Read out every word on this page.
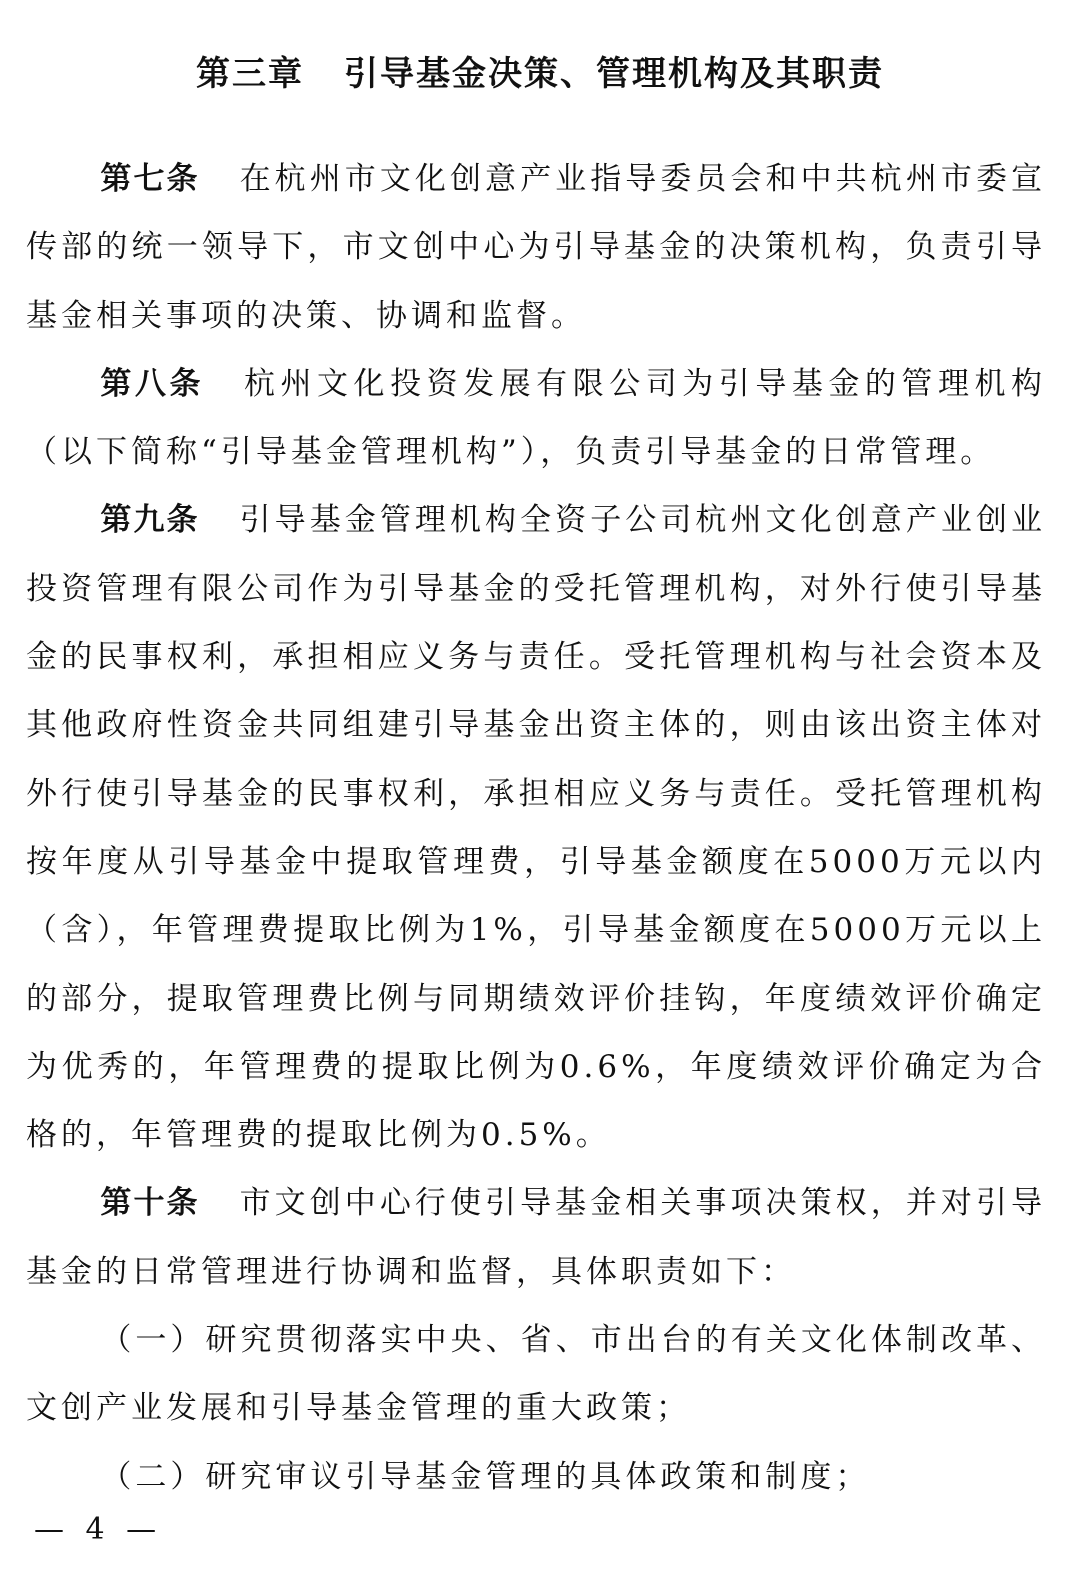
第三章 引导基金决策、管理机构及其职责

第七条 在杭州市文化创意产业指导委员会和中共杭州市委宣传部的统一领导下，市文创中心为引导基金的决策机构，负责引导基金相关事项的决策、协调和监督。

第八条 杭州文化投资发展有限公司为引导基金的管理机构（以下简称“引导基金管理机构”），负责引导基金的日常管理。

第九条 引导基金管理机构全资子公司杭州文化创意产业创业投资管理有限公司作为引导基金的受托管理机构，对外行使引导基金的民事权利，承担相应义务与责任。受托管理机构与社会资本及其他政府性资金共同组建引导基金出资主体的，则由该出资主体对外行使引导基金的民事权利，承担相应义务与责任。受托管理机构按年度从引导基金中提取管理费，引导基金额度在5000万元以内（含），年管理费提取比例为1%，引导基金额度在5000万元以上的部分，提取管理费比例与同期绩效评价挂钩，年度绩效评价确定为优秀的，年管理费的提取比例为0.6%，年度绩效评价确定为合格的，年管理费的提取比例为0.5%。

第十条 市文创中心行使引导基金相关事项决策权，并对引导基金的日常管理进行协调和监督，具体职责如下：

（一）研究贯彻落实中央、省、市出台的有关文化体制改革、文创产业发展和引导基金管理的重大政策；

（二）研究审议引导基金管理的具体政策和制度；

— 4 —
